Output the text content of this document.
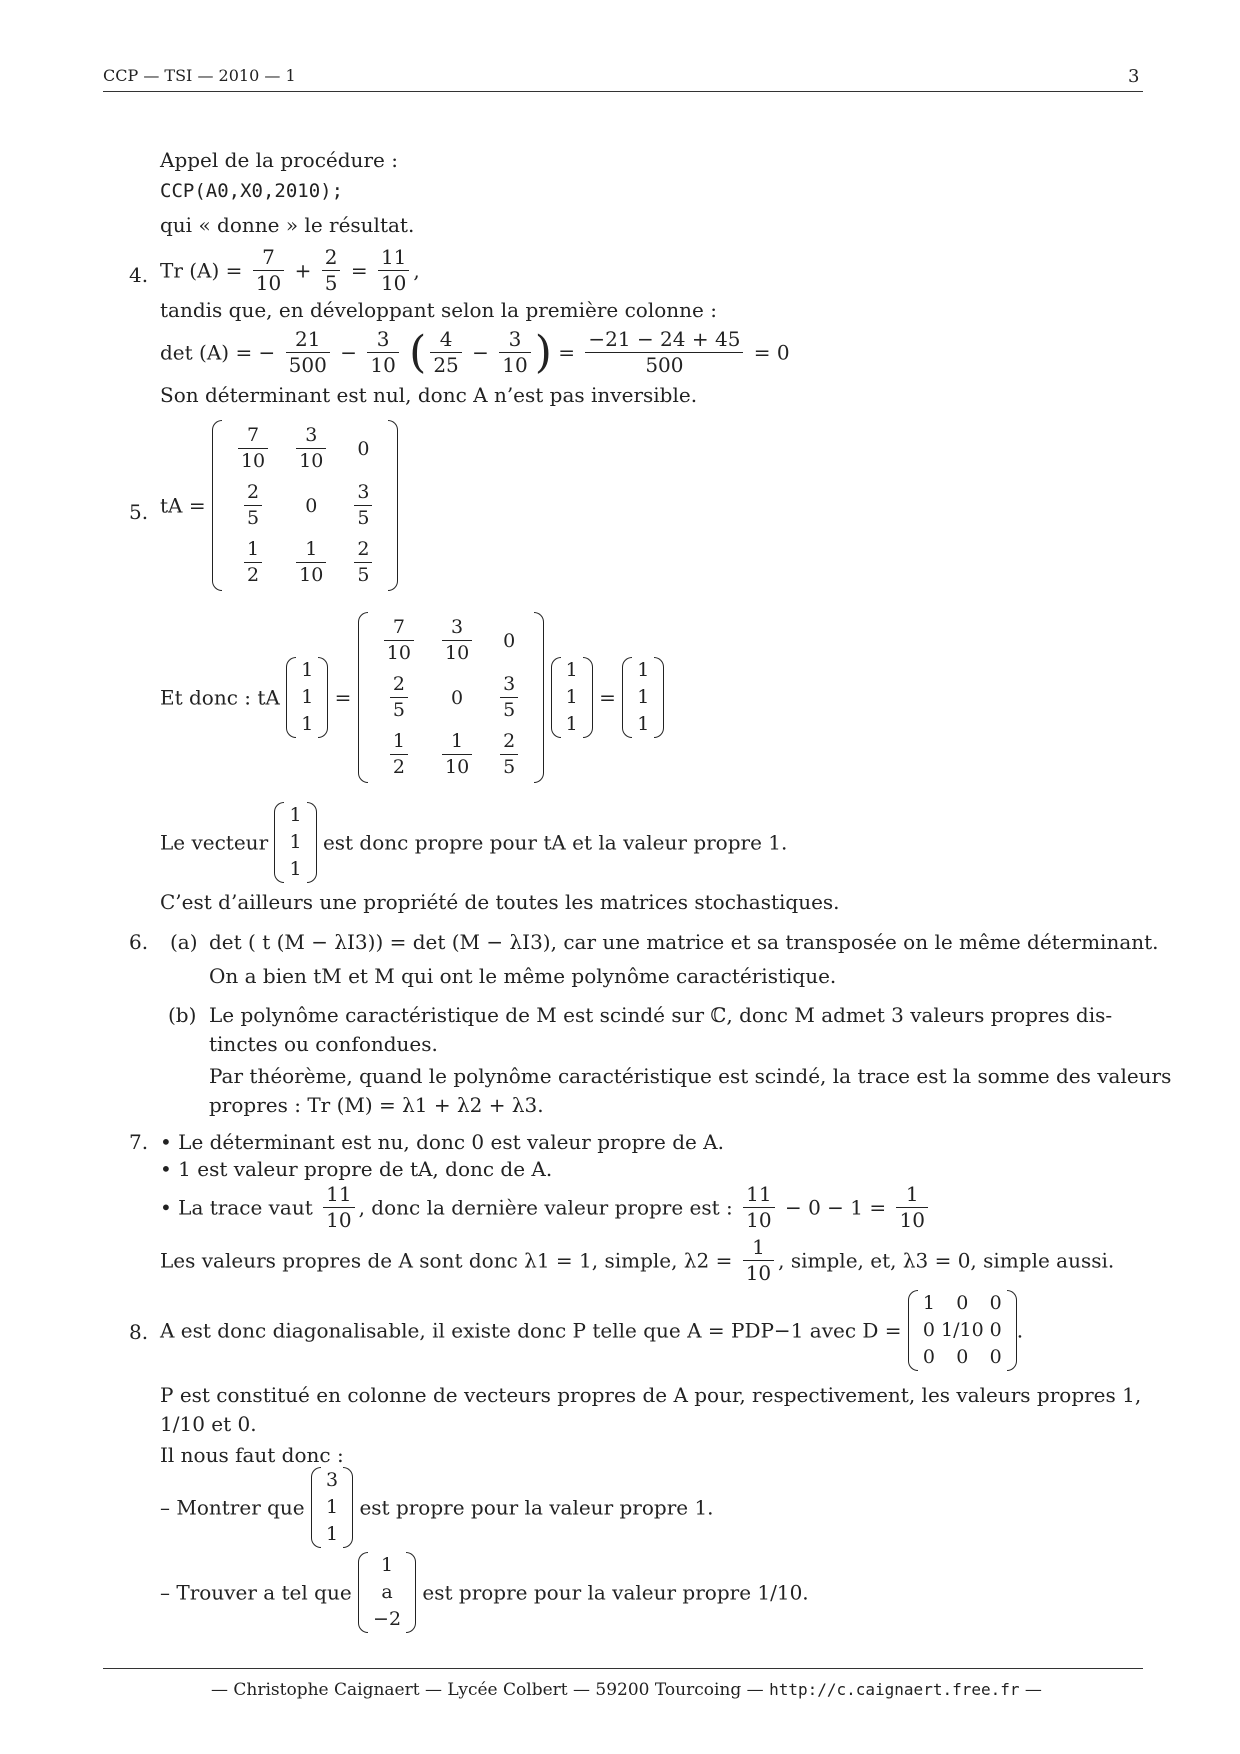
CCP — TSI — 2010 — 1	3
Appel de la procédure :
CCP(A0,X0,2010);
qui « donne » le résultat.
4. Tr $(A) = \frac{7}{10} + \frac{2}{5} = \frac{11}{10}$ ,
tandis que, en développant selon la première colonne :
det (A) = − $\frac{21}{500} - \frac{3}{10}$ ( $\frac{4}{25} - \frac{3}{10}$ ) = $\frac{-21 - 24 + 45}{500} = 0$
Son déterminant est nul, donc A n’est pas inversible.
5. tA =
$\frac{7}{10}$	$\frac{3}{10}$	0

$\frac{2}{5}$	0	$\frac{3}{5}$

$\frac{1}{2}$	$\frac{1}{10}$	$\frac{2}{5}$
Et donc : tA
1
1
1
=
$\frac{7}{10}$	$\frac{3}{10}$	0

$\frac{2}{5}$	0	$\frac{3}{5}$

$\frac{1}{2}$	$\frac{1}{10}$	$\frac{2}{5}$

1
1
1
=
1
1
1
Le vecteur
1
1
1
est donc propre pour tA et la valeur propre 1.
C’est d’ailleurs une propriété de toutes les matrices stochastiques.
6. (a) det ( t (M − λI3)) = det (M − λI3), car une matrice et sa transposée on le même déterminant.
On a bien tM et M qui ont le même polynôme caractéristique.
(b) Le polynôme caractéristique de M est scindé sur ℂ, donc M admet 3 valeurs propres dis-
tinctes ou confondues.
Par théorème, quand le polynôme caractéristique est scindé, la trace est la somme des valeurs
propres : Tr (M) = λ1 + λ2 + λ3.
7. • Le déterminant est nu, donc 0 est valeur propre de A.
• 1 est valeur propre de tA, donc de A.
• La trace vaut $\frac{11}{10}$ , donc la dernière valeur propre est : $\frac{11}{10} - 0 - 1 = \frac{1}{10}$
Les valeurs propres de A sont donc λ1 = 1, simple, $\lambda 2 = \frac{1}{10}$ , simple, et, λ3 = 0, simple aussi.
8. A est donc diagonalisable, il existe donc P telle que A = PDP−1 avec D =
1	0	0
0	1/10	0
0	0	0
.
P est constitué en colonne de vecteurs propres de A pour, respectivement, les valeurs propres 1,
1/10 et 0.
Il nous faut donc :
– Montrer que
3
1
1
est propre pour la valeur propre 1.
– Trouver a tel que
1
a
−2
est propre pour la valeur propre 1/10.
— Christophe Caignaert — Lycée Colbert — 59200 Tourcoing — http://c.caignaert.free.fr —
